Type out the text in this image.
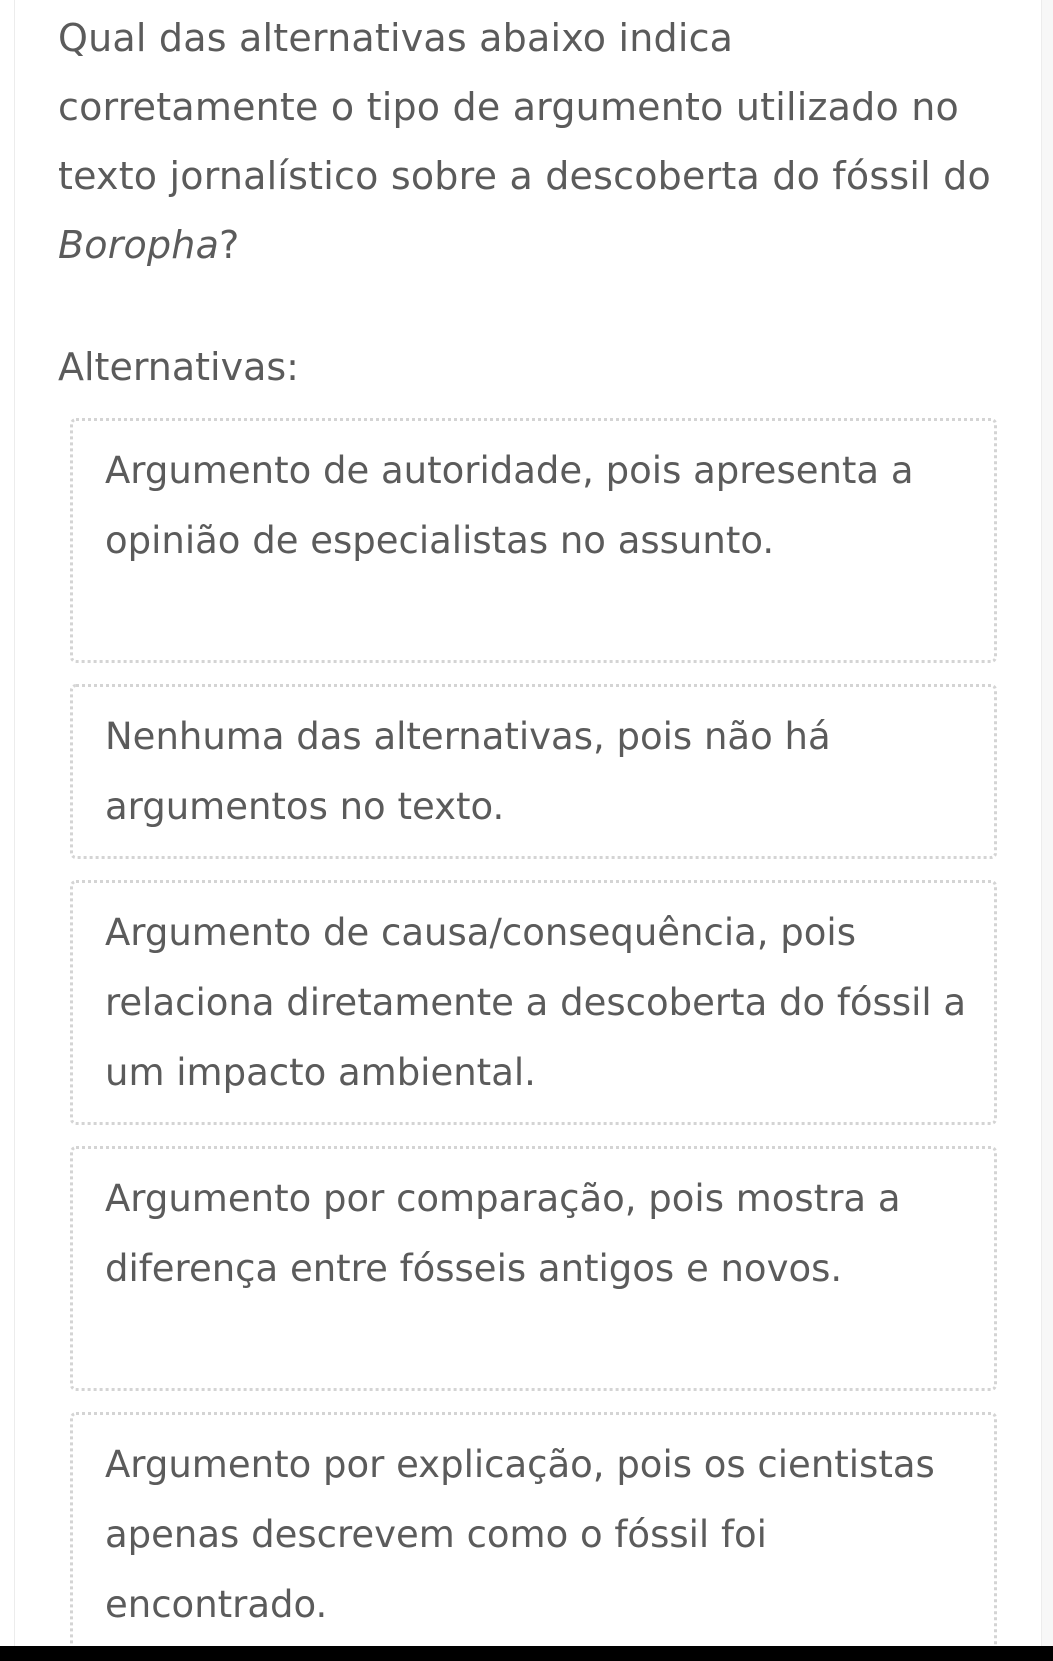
Qual das alternativas abaixo indica corretamente o tipo de argumento utilizado no texto jornalístico sobre a descoberta do fóssil do Boropha?

Alternativas:
Argumento de autoridade, pois apresenta a opinião de especialistas no assunto.
Nenhuma das alternativas, pois não há argumentos no texto.
Argumento de causa/consequência, pois relaciona diretamente a descoberta do fóssil a um impacto ambiental.
Argumento por comparação, pois mostra a diferença entre fósseis antigos e novos.
Argumento por explicação, pois os cientistas apenas descrevem como o fóssil foi encontrado.
